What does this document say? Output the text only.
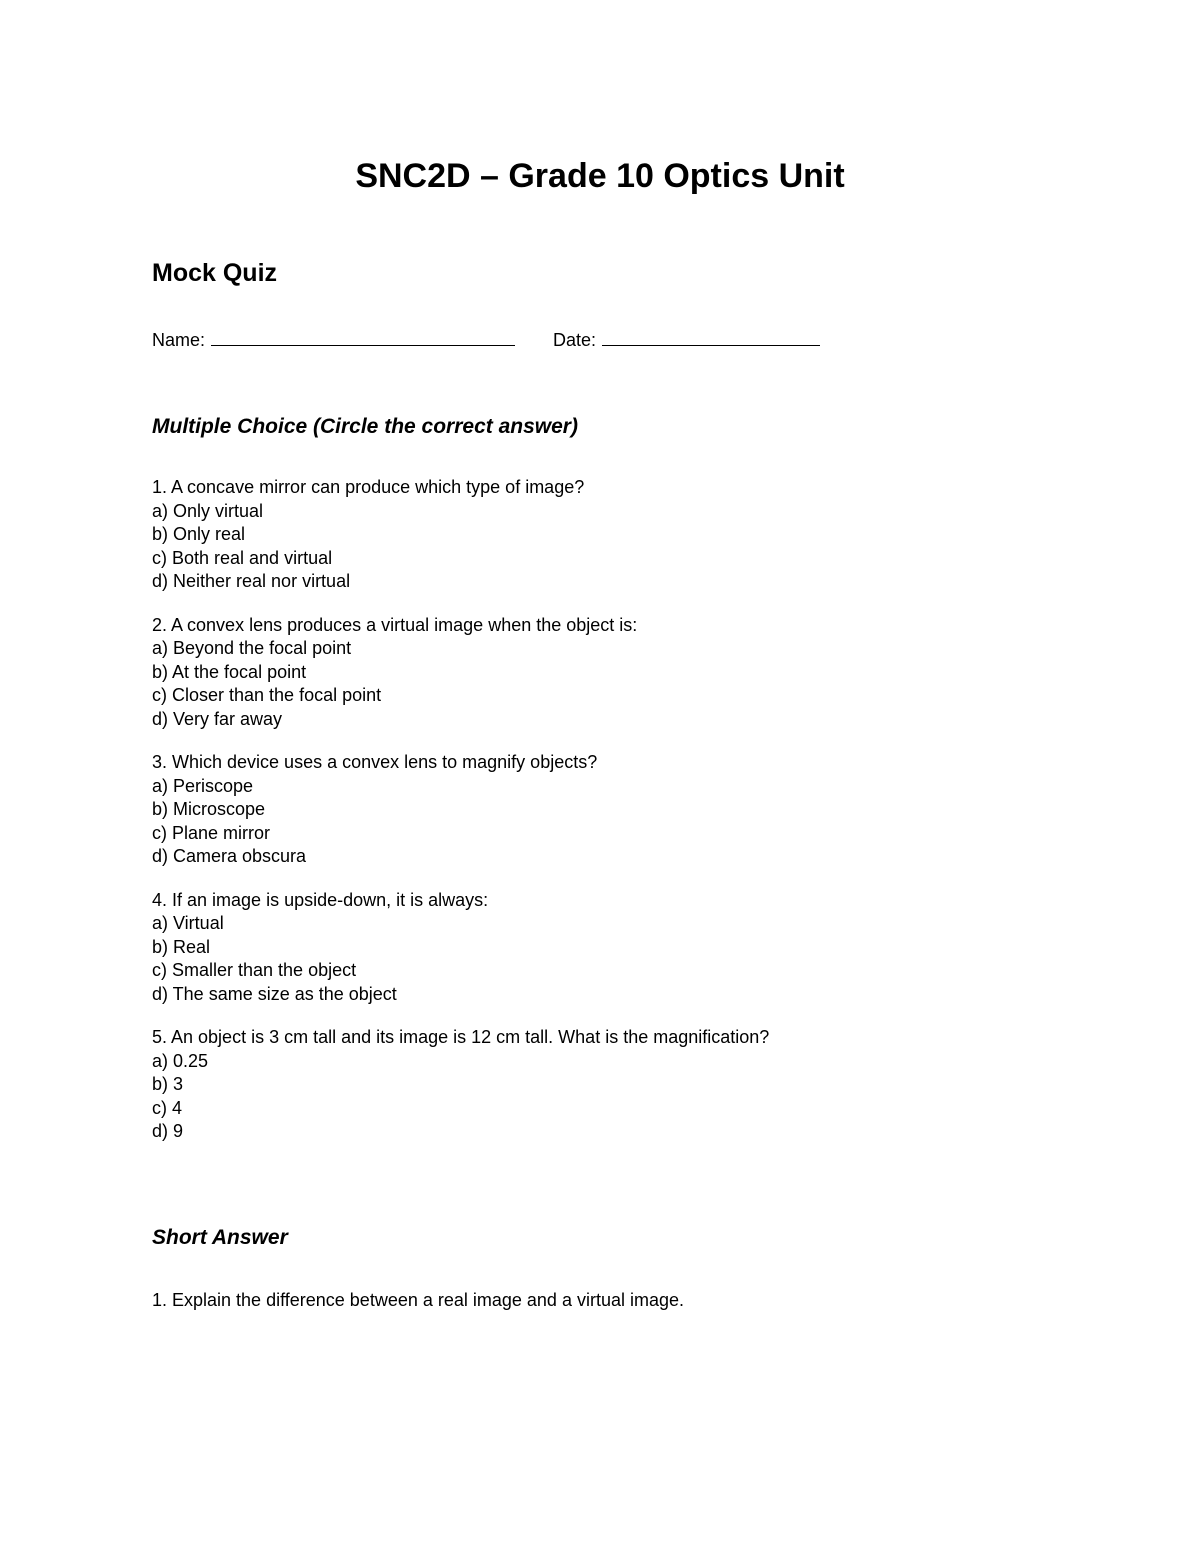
SNC2D – Grade 10 Optics Unit
Mock Quiz
Name:	Date:
Multiple Choice (Circle the correct answer)
1. A concave mirror can produce which type of image?
a) Only virtual
b) Only real
c) Both real and virtual
d) Neither real nor virtual
2. A convex lens produces a virtual image when the object is:
a) Beyond the focal point
b) At the focal point
c) Closer than the focal point
d) Very far away
3. Which device uses a convex lens to magnify objects?
a) Periscope
b) Microscope
c) Plane mirror
d) Camera obscura
4. If an image is upside-down, it is always:
a) Virtual
b) Real
c) Smaller than the object
d) The same size as the object
5. An object is 3 cm tall and its image is 12 cm tall. What is the magnification?
a) 0.25
b) 3
c) 4
d) 9
Short Answer
1. Explain the difference between a real image and a virtual image.
